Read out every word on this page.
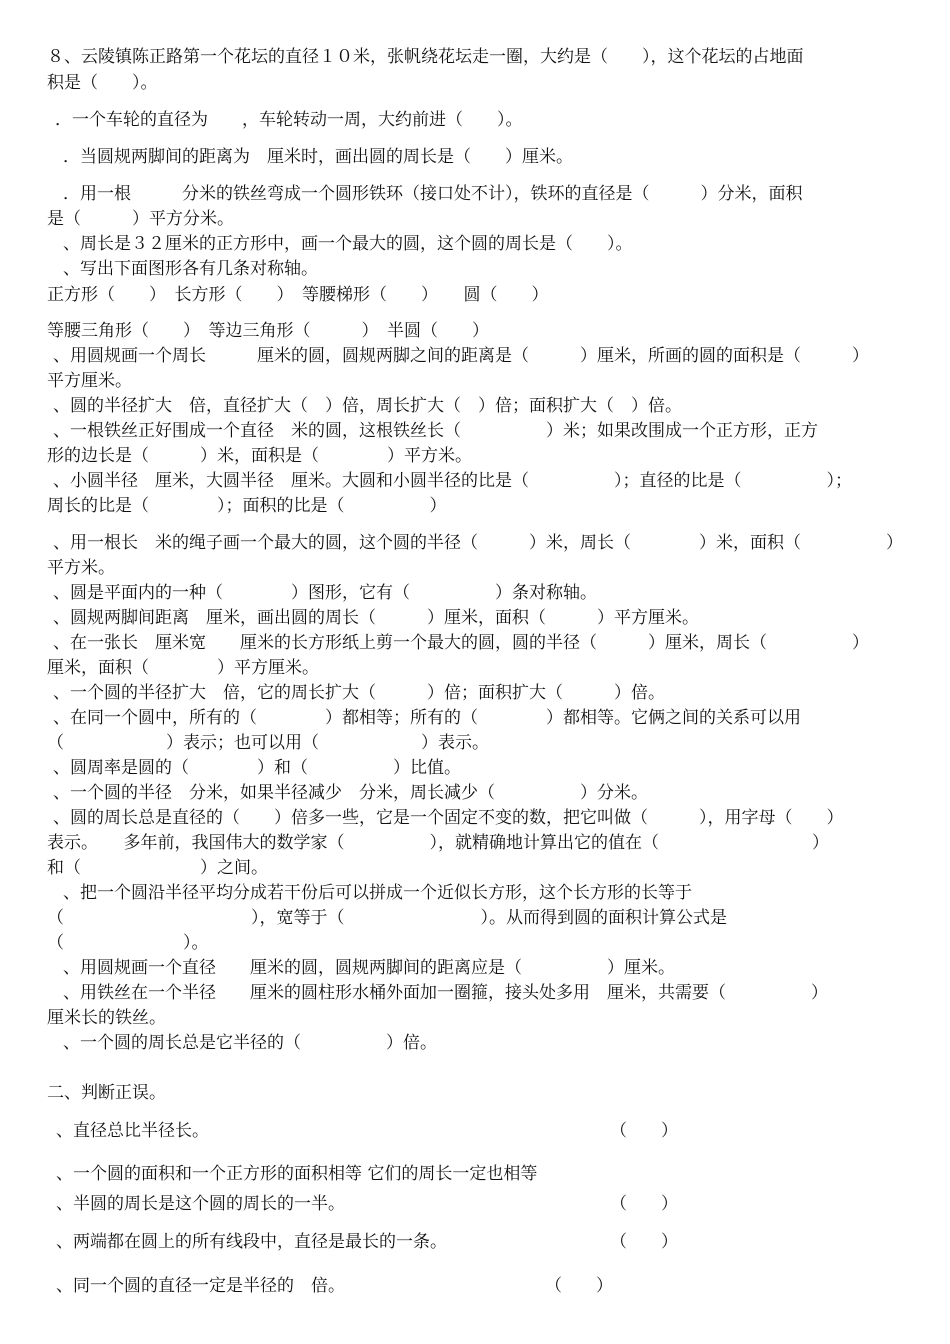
８、云陵镇陈正路第一个花坛的直径１０米，张帆绕花坛走一圈，大约是（　　），这个花坛的占地面
积是（　　）。
．一个车轮的直径为　　，车轮转动一周，大约前进（　　）。
．当圆规两脚间的距离为　厘米时，画出圆的周长是（　　）厘米。
．用一根　　　分米的铁丝弯成一个圆形铁环（接口处不计），铁环的直径是（　　　）分米，面积
是（　　　）平方分米。
、周长是３２厘米的正方形中，画一个最大的圆，这个圆的周长是（　　）。
、写出下面图形各有几条对称轴。
正方形（　　）　长方形（　　）　等腰梯形（　　）　　圆（　　）
等腰三角形（　　）　等边三角形（　　　）　半圆（　　）
、用圆规画一个周长　　　厘米的圆，圆规两脚之间的距离是（　　　）厘米，所画的圆的面积是（　　　）
平方厘米。
、圆的半径扩大　倍，直径扩大（　）倍，周长扩大（　）倍；面积扩大（　）倍。
、一根铁丝正好围成一个直径　米的圆，这根铁丝长（　　　　　）米；如果改围成一个正方形，正方
形的边长是（　　　）米，面积是（　　　　）平方米。
、小圆半径　厘米，大圆半径　厘米。大圆和小圆半径的比是（　　　　　）；直径的比是（　　　　　）；
周长的比是（　　　　）；面积的比是（　　　　　）
、用一根长　米的绳子画一个最大的圆，这个圆的半径（　　　）米，周长（　　　　）米，面积（　　　　　）
平方米。
、圆是平面内的一种（　　　　）图形，它有（　　　　　）条对称轴。
、圆规两脚间距离　厘米，画出圆的周长（　　　）厘米，面积（　　　）平方厘米。
、在一张长　厘米宽　　厘米的长方形纸上剪一个最大的圆，圆的半径（　　　）厘米，周长（　　　　　）
厘米，面积（　　　　）平方厘米。
、一个圆的半径扩大　倍，它的周长扩大（　　　）倍；面积扩大（　　　）倍。
、在同一个圆中，所有的（　　　　）都相等；所有的（　　　　）都相等。它俩之间的关系可以用
（　　　　　　）表示；也可以用（　　　　　　）表示。
、圆周率是圆的（　　　　）和（　　　　　）比值。
、一个圆的半径　分米，如果半径减少　分米，周长减少（　　　　　）分米。
、圆的周长总是直径的（　　）倍多一些，它是一个固定不变的数，把它叫做（　　　），用字母（　　）
表示。　　多年前，我国伟大的数学家（　　　　　），就精确地计算出它的值在（　　　　　　　　　）
和（　　　　　　　）之间。
、把一个圆沿半径平均分成若干份后可以拼成一个近似长方形，这个长方形的长等于
（　　　　　　　　　　　），宽等于（　　　　　　　　）。从而得到圆的面积计算公式是
（　　　　　　　）。
、用圆规画一个直径　　厘米的圆，圆规两脚间的距离应是（　　　　　）厘米。
、用铁丝在一个半径　　厘米的圆柱形水桶外面加一圈箍，接头处多用　厘米，共需要（　　　　　）
厘米长的铁丝。
、一个圆的周长总是它半径的（　　　　　）倍。
二、判断正误。
、直径总比半径长。	（　　）
、一个圆的面积和一个正方形的面积相等 它们的周长一定也相等
、半圆的周长是这个圆的周长的一半。	（　　）
、两端都在圆上的所有线段中，直径是最长的一条。	（　　）
、同一个圆的直径一定是半径的　倍。	（　　）
